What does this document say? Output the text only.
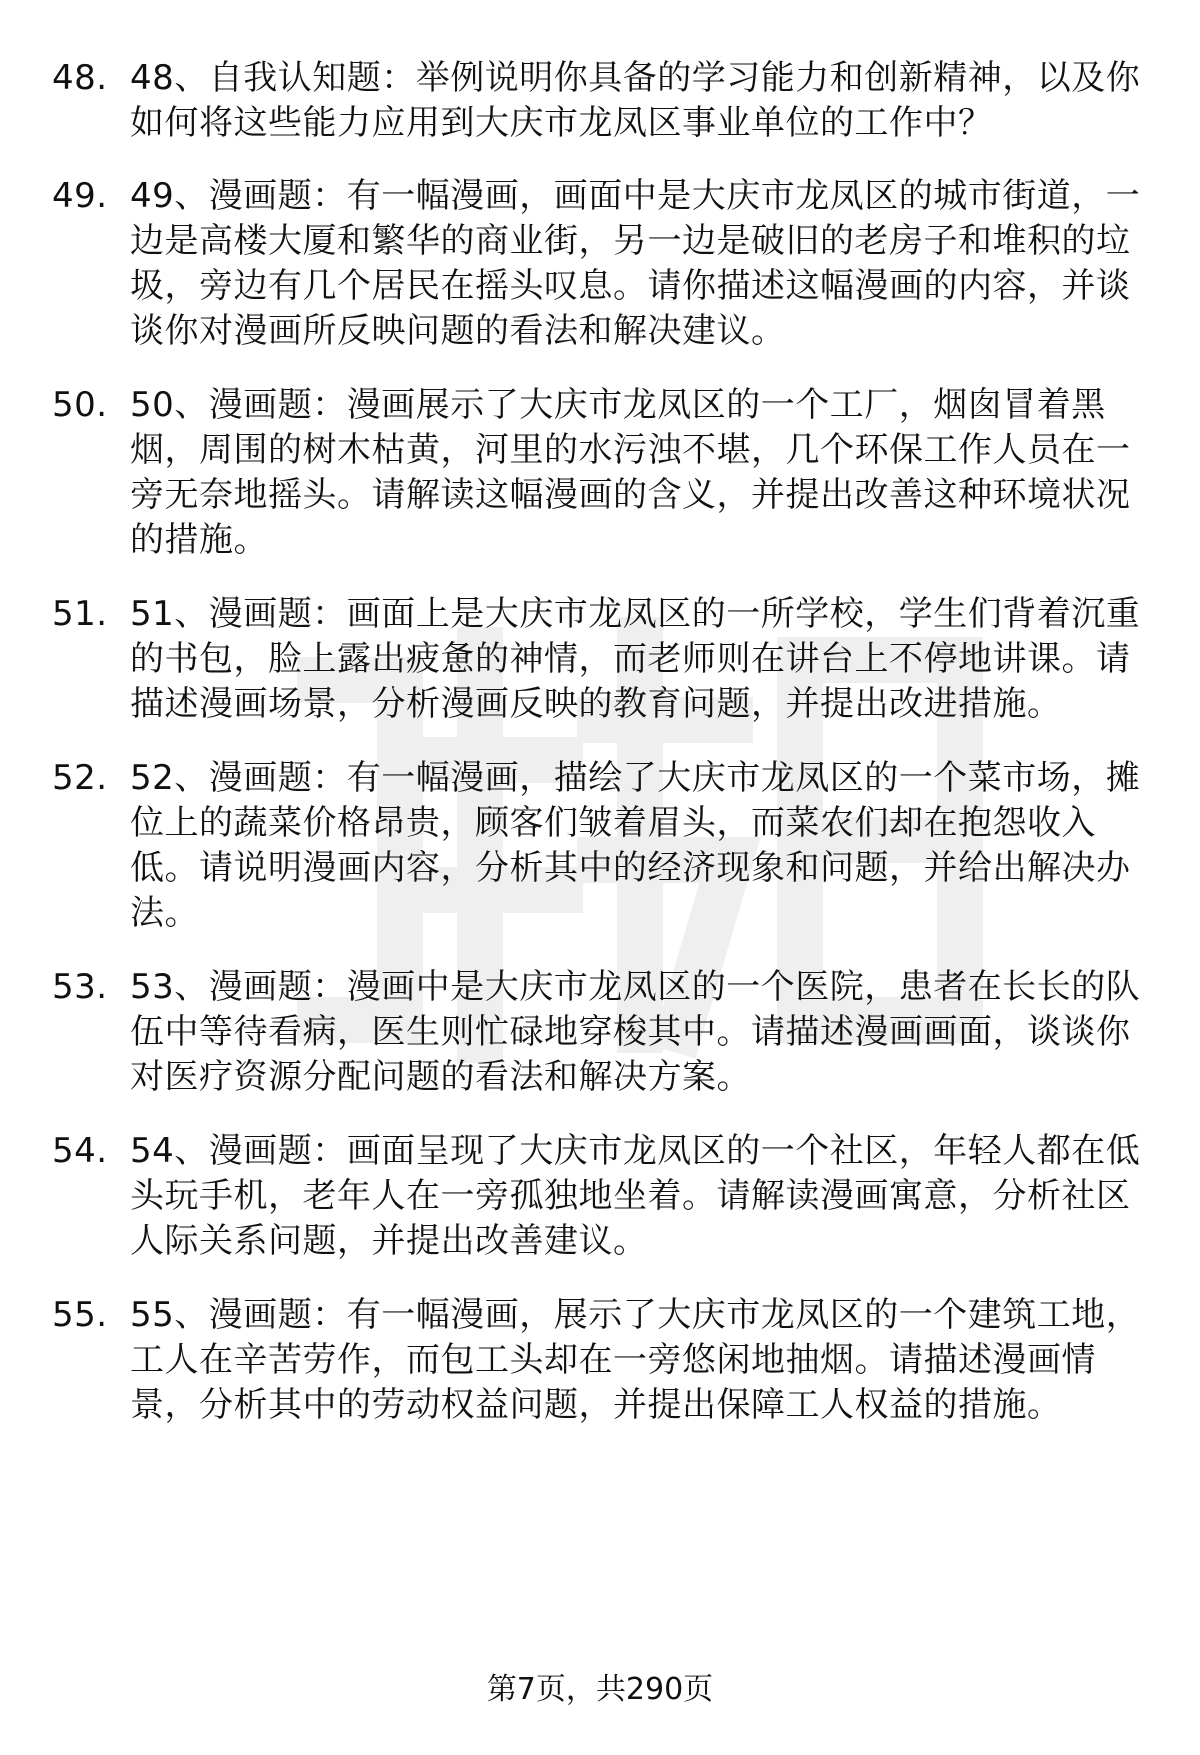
48. 48、自我认知题：举例说明你具备的学习能力和创新精神，以及你如何将这些能力应用到大庆市龙凤区事业单位的工作中？
49. 49、漫画题：有一幅漫画，画面中是大庆市龙凤区的城市街道，一边是高楼大厦和繁华的商业街，另一边是破旧的老房子和堆积的垃圾，旁边有几个居民在摇头叹息。请你描述这幅漫画的内容，并谈谈你对漫画所反映问题的看法和解决建议。
50. 50、漫画题：漫画展示了大庆市龙凤区的一个工厂，烟囱冒着黑烟，周围的树木枯黄，河里的水污浊不堪，几个环保工作人员在一旁无奈地摇头。请解读这幅漫画的含义，并提出改善这种环境状况的措施。
51. 51、漫画题：画面上是大庆市龙凤区的一所学校，学生们背着沉重的书包，脸上露出疲惫的神情，而老师则在讲台上不停地讲课。请描述漫画场景，分析漫画反映的教育问题，并提出改进措施。
52. 52、漫画题：有一幅漫画，描绘了大庆市龙凤区的一个菜市场，摊位上的蔬菜价格昂贵，顾客们皱着眉头，而菜农们却在抱怨收入低。请说明漫画内容，分析其中的经济现象和问题，并给出解决办法。
53. 53、漫画题：漫画中是大庆市龙凤区的一个医院，患者在长长的队伍中等待看病，医生则忙碌地穿梭其中。请描述漫画画面，谈谈你对医疗资源分配问题的看法和解决方案。
54. 54、漫画题：画面呈现了大庆市龙凤区的一个社区，年轻人都在低头玩手机，老年人在一旁孤独地坐着。请解读漫画寓意，分析社区人际关系问题，并提出改善建议。
55. 55、漫画题：有一幅漫画，展示了大庆市龙凤区的一个建筑工地，工人在辛苦劳作，而包工头却在一旁悠闲地抽烟。请描述漫画情景，分析其中的劳动权益问题，并提出保障工人权益的措施。
第7页，共290页
